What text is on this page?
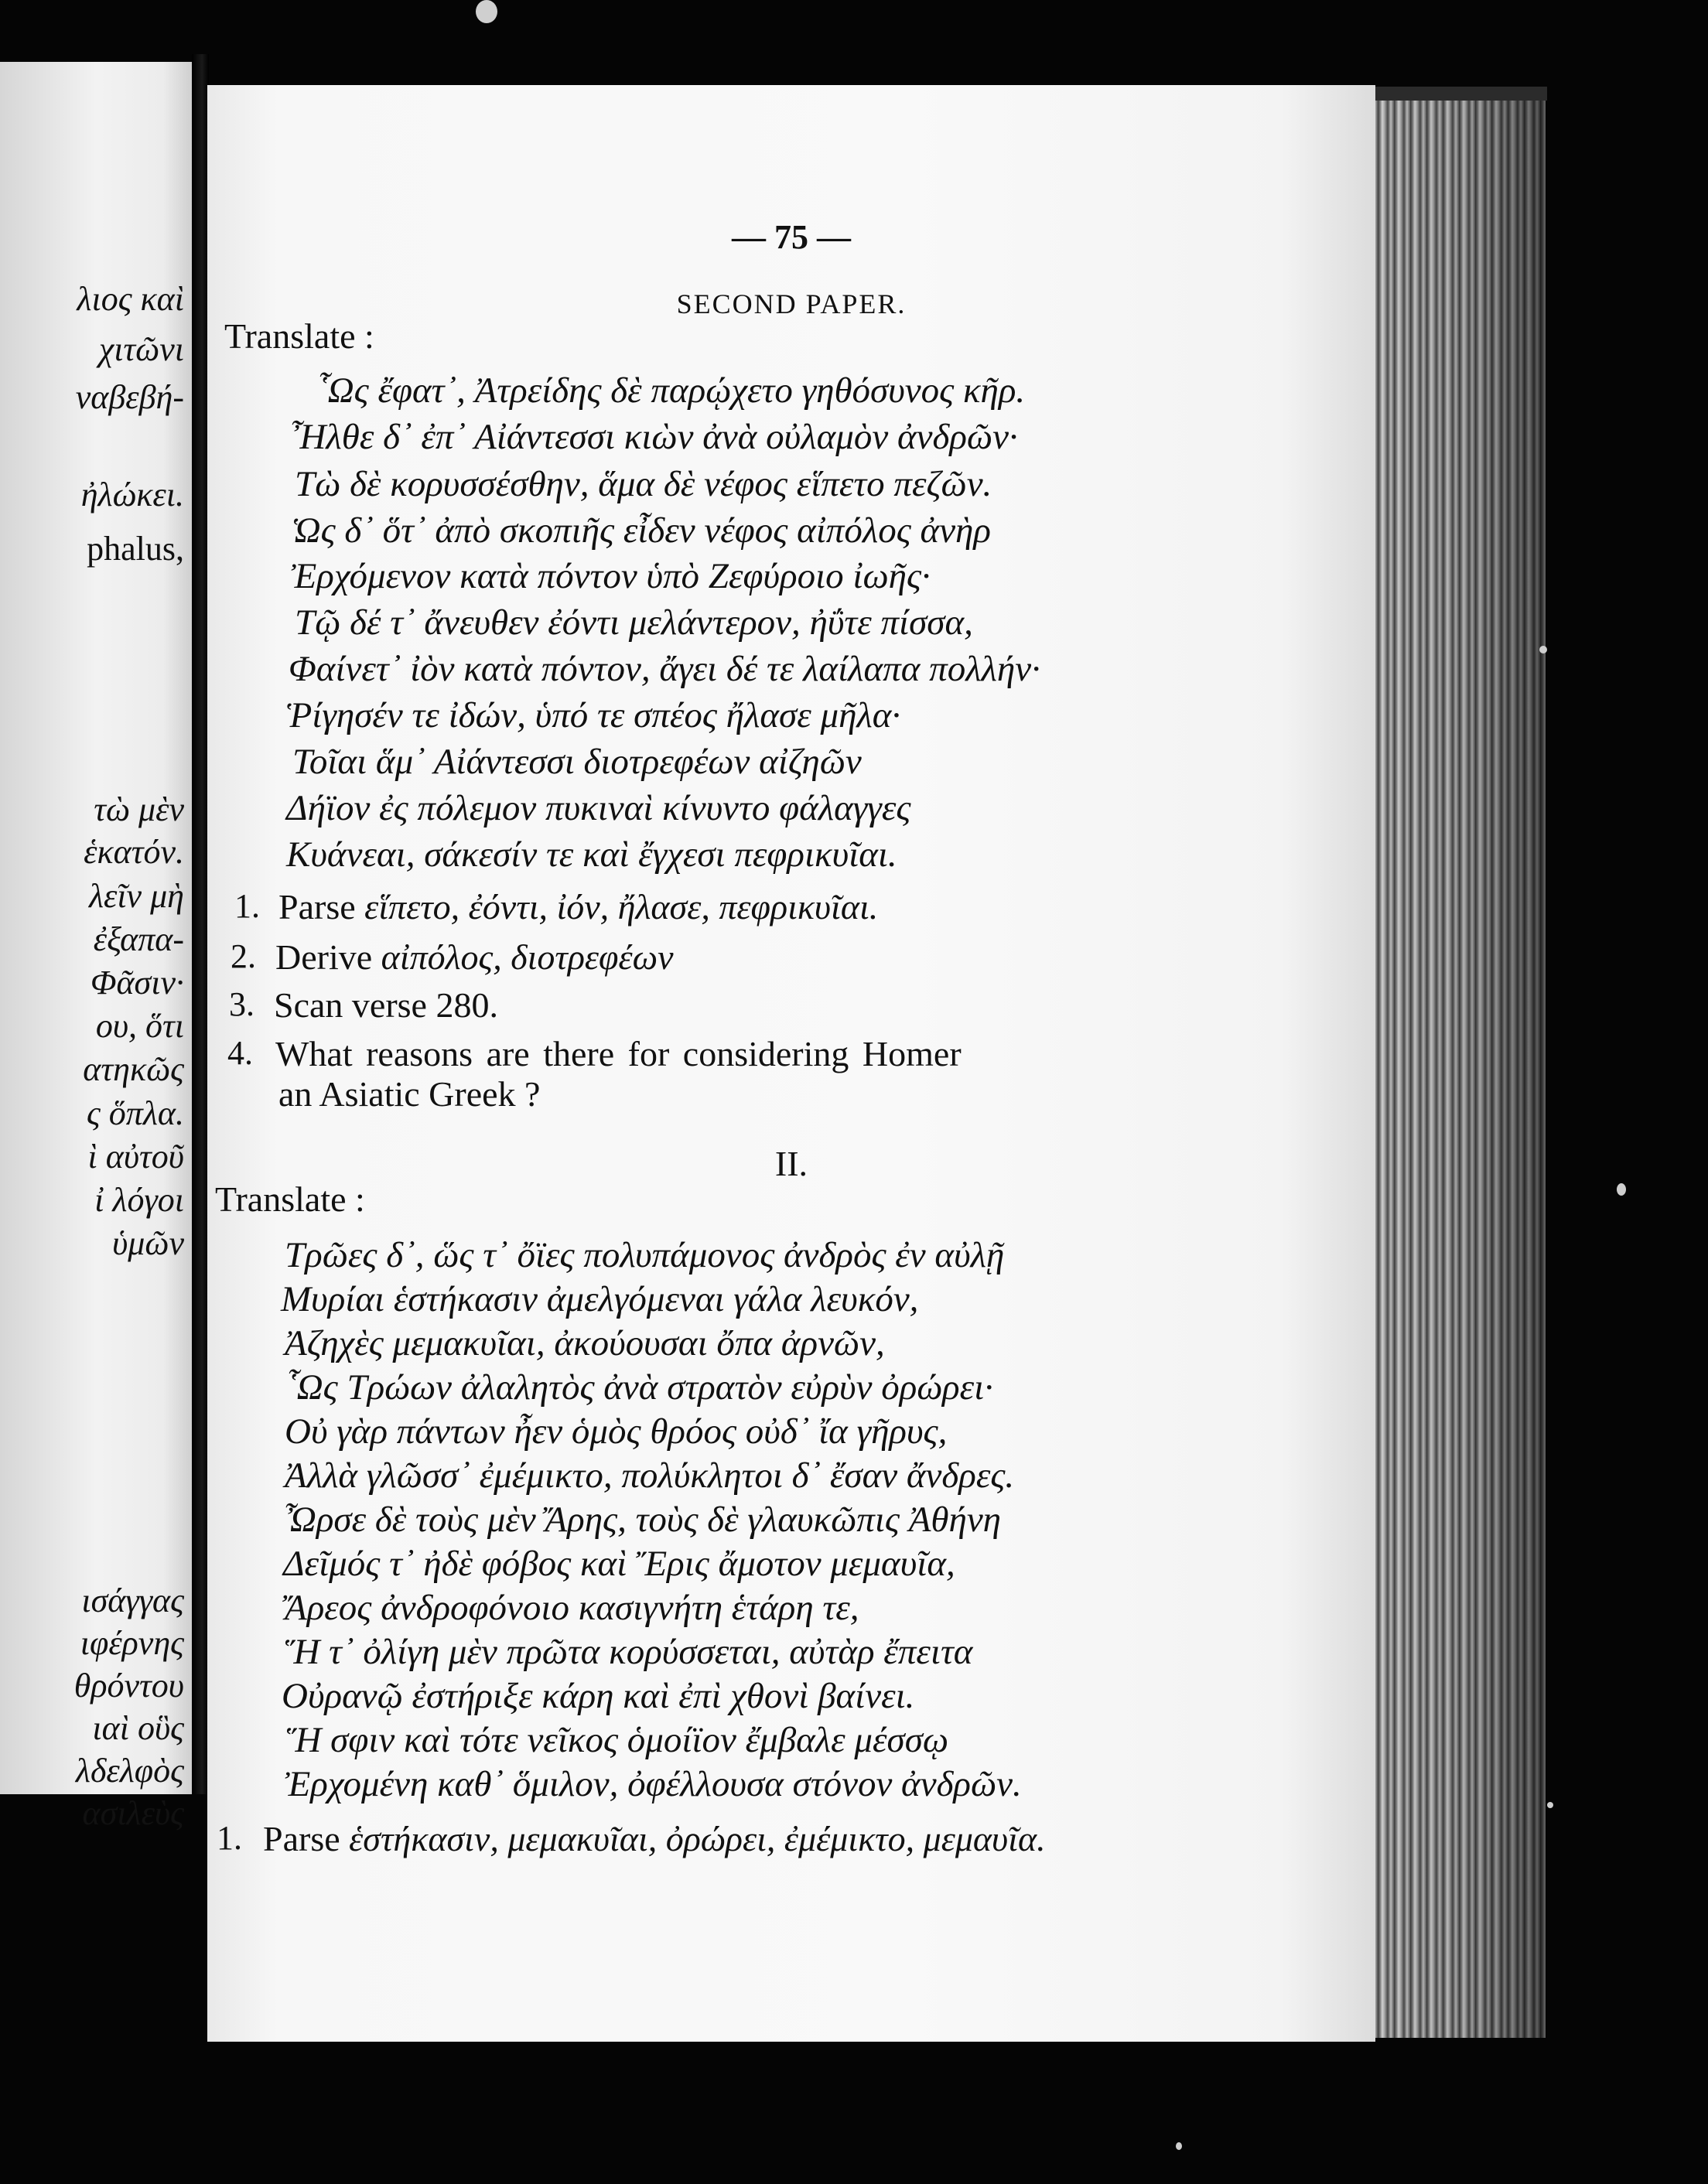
λιος καὶ
χιτῶνι
ναβεβή-
ἠλώκει.
phalus,
τὼ μὲν
ἑκατόν.
λεῖν μὴ
ἐξαπα-
Φᾶσιν·
ου, ὅτι
ατηκῶς
ς ὅπλα.
ὶ αὐτοῦ
ἰ λόγοι
ὑμῶν
ισάγγας
ιφέρνης
θρόντου
ιαὶ οὓς
λδελφὸς
ασιλεὺς
— 75 —
SECOND PAPER.
Translate :
῟Ως ἔφατ᾽, Ἀτρείδης δὲ παρῴχετο γηθόσυνος κῆρ.
Ἦλθε δ᾽ ἐπ᾽ Αἰάντεσσι κιὼν ἀνὰ οὐλαμὸν ἀνδρῶν·
Τὼ δὲ κορυσσέσθην, ἅμα δὲ νέφος εἵπετο πεζῶν.
Ὡς δ᾽ ὅτ᾽ ἀπὸ σκοπιῆς εἶδεν νέφος αἰπόλος ἀνὴρ
Ἐρχόμενον κατὰ πόντον ὑπὸ Ζεφύροιο ἰωῆς·
Τῷ δέ τ᾽ ἄνευθεν ἐόντι μελάντερον, ἠΰτε πίσσα,
Φαίνετ᾽ ἰὸν κατὰ πόντον, ἄγει δέ τε λαίλαπα πολλήν·
Ῥίγησέν τε ἰδών, ὑπό τε σπέος ἤλασε μῆλα·
Τοῖαι ἅμ᾽ Αἰάντεσσι διοτρεφέων αἰζηῶν
Δήϊον ἐς πόλεμον πυκιναὶ κίνυντο φάλαγγες
Κυάνεαι, σάκεσίν τε καὶ ἔγχεσι πεφρικυῖαι.
1. Parse εἵπετο, ἐόντι, ἰόν, ἤλασε, πεφρικυῖαι.
2. Derive αἰπόλος, διοτρεφέων
3. Scan verse 280.
4. What reasons are there for considering Homer
an Asiatic Greek ?
II.
Translate :
Τρῶες δ᾽, ὥς τ᾽ ὄϊες πολυπάμονος ἀνδρὸς ἐν αὐλῇ
Μυρίαι ἑστήκασιν ἀμελγόμεναι γάλα λευκόν,
Ἀζηχὲς μεμακυῖαι, ἀκούουσαι ὄπα ἀρνῶν,
῟Ως Τρώων ἀλαλητὸς ἀνὰ στρατὸν εὐρὺν ὀρώρει·
Οὐ γὰρ πάντων ἦεν ὁμὸς θρόος οὐδ᾽ ἴα γῆρυς,
Ἀλλὰ γλῶσσ᾽ ἐμέμικτο, πολύκλητοι δ᾽ ἔσαν ἄνδρες.
Ὦρσε δὲ τοὺς μὲν Ἄρης, τοὺς δὲ γλαυκῶπις Ἀθήνη
Δεῖμός τ᾽ ἠδὲ φόβος καὶ Ἔρις ἄμοτον μεμαυῖα,
Ἄρεος ἀνδροφόνοιο κασιγνήτη ἑτάρη τε,
Ἥ τ᾽ ὀλίγη μὲν πρῶτα κορύσσεται, αὐτὰρ ἔπειτα
Οὐρανῷ ἐστήριξε κάρη καὶ ἐπὶ χθονὶ βαίνει.
Ἥ σφιν καὶ τότε νεῖκος ὁμοίϊον ἔμβαλε μέσσῳ
Ἐρχομένη καθ᾽ ὅμιλον, ὀφέλλουσα στόνον ἀνδρῶν.
1. Parse ἑστήκασιν, μεμακυῖαι, ὀρώρει, ἐμέμικτο, μεμαυῖα.
